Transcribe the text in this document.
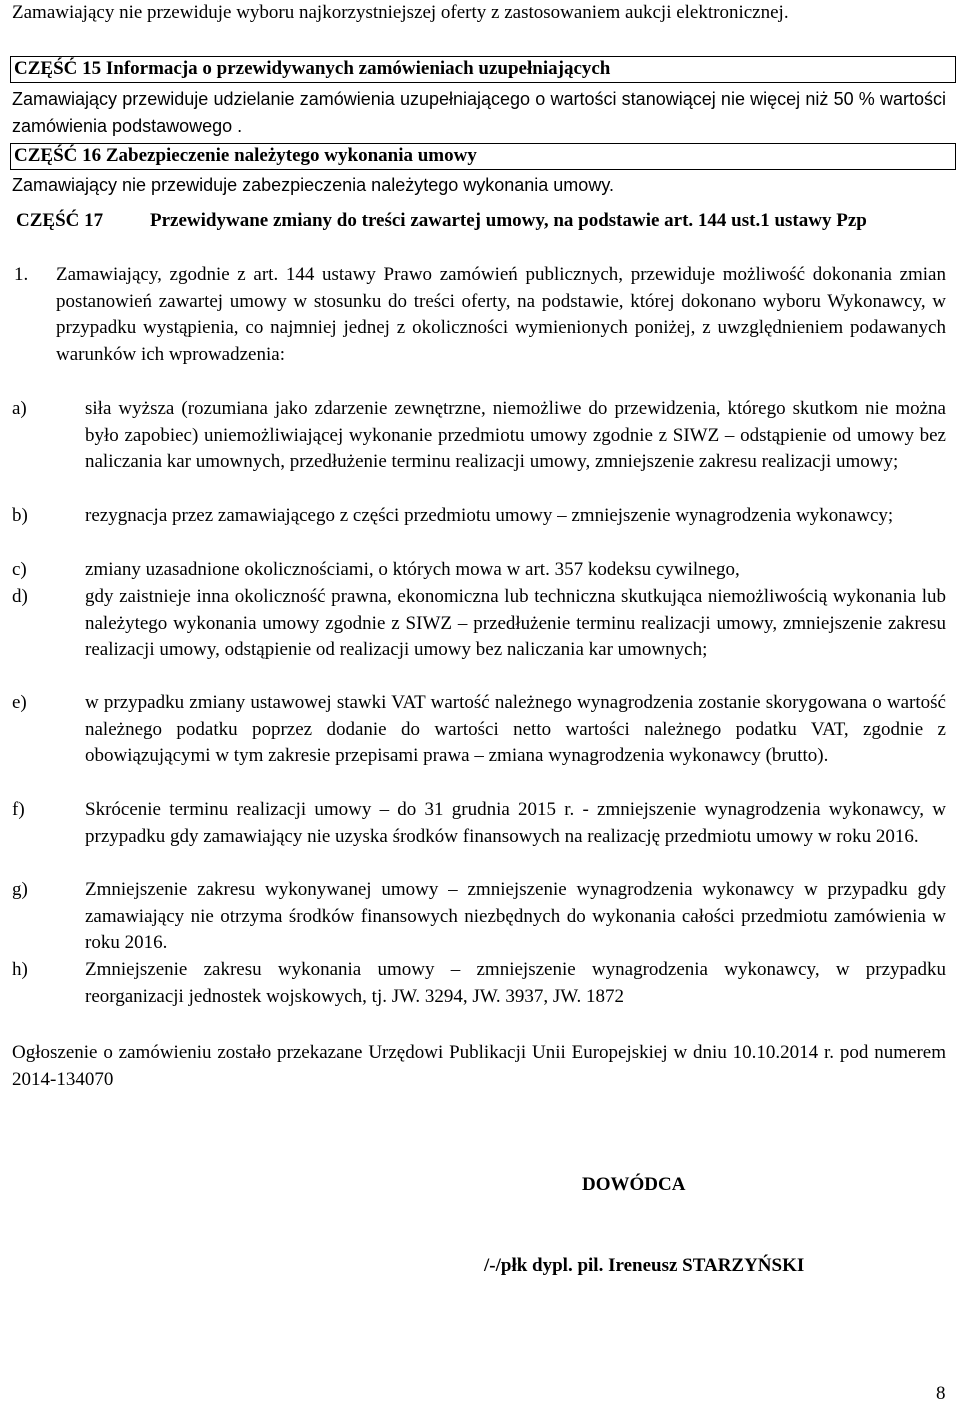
Zamawiający nie przewiduje wyboru najkorzystniejszej oferty z zastosowaniem aukcji elektronicznej.
CZĘŚĆ 15 Informacja o przewidywanych zamówieniach uzupełniających
Zamawiający przewiduje udzielanie zamówienia uzupełniającego o wartości stanowiącej nie więcej niż 50 % wartości zamówienia podstawowego .
CZĘŚĆ 16 Zabezpieczenie należytego wykonania umowy
Zamawiający nie przewiduje zabezpieczenia należytego wykonania umowy.
CZĘŚĆ 17 Przewidywane zmiany do treści zawartej umowy, na podstawie art. 144 ust.1 ustawy Pzp
1. Zamawiający, zgodnie z art. 144 ustawy Prawo zamówień publicznych, przewiduje możliwość dokonania zmian postanowień zawartej umowy w stosunku do treści oferty, na podstawie, której dokonano wyboru Wykonawcy, w przypadku wystąpienia, co najmniej jednej z okoliczności wymienionych poniżej, z uwzględnieniem podawanych warunków ich wprowadzenia:
a)	siła wyższa (rozumiana jako zdarzenie zewnętrzne, niemożliwe do przewidzenia, którego skutkom nie można było zapobiec) uniemożliwiającej wykonanie przedmiotu umowy zgodnie z SIWZ – odstąpienie od umowy bez naliczania kar umownych, przedłużenie terminu realizacji umowy, zmniejszenie zakresu realizacji umowy;
b)	rezygnacja przez zamawiającego z części przedmiotu umowy – zmniejszenie wynagrodzenia wykonawcy;
c)	zmiany uzasadnione okolicznościami, o których mowa w art. 357 kodeksu cywilnego,
d)	gdy zaistnieje inna okoliczność prawna, ekonomiczna lub techniczna skutkująca niemożliwością wykonania lub należytego wykonania umowy zgodnie z SIWZ – przedłużenie terminu realizacji umowy, zmniejszenie zakresu realizacji umowy, odstąpienie od realizacji umowy bez naliczania kar umownych;
e)	w przypadku zmiany ustawowej stawki VAT wartość należnego wynagrodzenia zostanie skorygowana o wartość należnego podatku poprzez dodanie do wartości netto wartości należnego podatku VAT, zgodnie z obowiązującymi w tym zakresie przepisami prawa – zmiana wynagrodzenia wykonawcy (brutto).
f)	Skrócenie terminu realizacji umowy – do 31 grudnia 2015 r. - zmniejszenie wynagrodzenia wykonawcy, w przypadku gdy zamawiający nie uzyska środków finansowych na realizację przedmiotu umowy w roku 2016.
g)	Zmniejszenie zakresu wykonywanej umowy – zmniejszenie wynagrodzenia wykonawcy w przypadku gdy zamawiający nie otrzyma środków finansowych niezbędnych do wykonania całości przedmiotu zamówienia w roku 2016.
h)	Zmniejszenie zakresu wykonania umowy – zmniejszenie wynagrodzenia wykonawcy, w przypadku reorganizacji jednostek wojskowych, tj. JW. 3294, JW. 3937, JW. 1872
Ogłoszenie o zamówieniu zostało przekazane Urzędowi Publikacji Unii Europejskiej w dniu 10.10.2014 r. pod numerem 2014-134070
DOWÓDCA
/-/płk dypl. pil. Ireneusz STARZYŃSKI
8
